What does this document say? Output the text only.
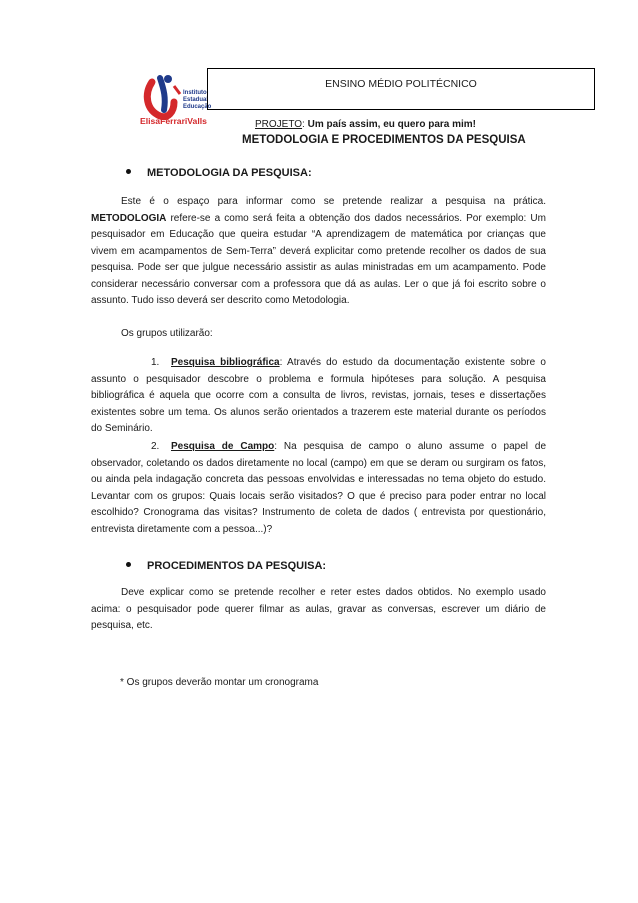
Instituto
Estadual
Educação
ElisaFerrariValls
ENSINO MÉDIO POLITÉCNICO
PROJETO: Um país assim, eu quero para mim!
METODOLOGIA E PROCEDIMENTOS DA PESQUISA
METODOLOGIA DA PESQUISA:

Este é o espaço para informar como se pretende realizar a pesquisa na prática. METODOLOGIA refere-se a como será feita a obtenção dos dados necessários. Por exemplo: Um pesquisador em Educação que queira estudar “A aprendizagem de matemática por crianças que vivem em acampamentos de Sem-Terra” deverá explicitar como pretende recolher os dados de sua pesquisa. Pode ser que julgue necessário assistir as aulas ministradas em um acampamento. Pode considerar necessário conversar com a professora que dá as aulas. Ler o que já foi escrito sobre o assunto. Tudo isso deverá ser descrito como Metodologia.

Os grupos utilizarão:

1. Pesquisa bibliográfica: Através do estudo da documentação existente sobre o assunto o pesquisador descobre o problema e formula hipóteses para solução. A pesquisa bibliográfica é aquela que ocorre com a consulta de livros, revistas, jornais, teses e dissertações existentes sobre um tema. Os alunos serão orientados a trazerem este material durante os períodos do Seminário.

2. Pesquisa de Campo: Na pesquisa de campo o aluno assume o papel de observador, coletando os dados diretamente no local (campo) em que se deram ou surgiram os fatos, ou ainda pela indagação concreta das pessoas envolvidas e interessadas no tema objeto do estudo. Levantar com os grupos: Quais locais serão visitados? O que é preciso para poder entrar no local escolhido? Cronograma das visitas? Instrumento de coleta de dados ( entrevista por questionário, entrevista diretamente com a pessoa...)?

PROCEDIMENTOS DA PESQUISA:

Deve explicar como se pretende recolher e reter estes dados obtidos. No exemplo usado acima: o pesquisador pode querer filmar as aulas, gravar as conversas, escrever um diário de pesquisa, etc.

* Os grupos deverão montar um cronograma
